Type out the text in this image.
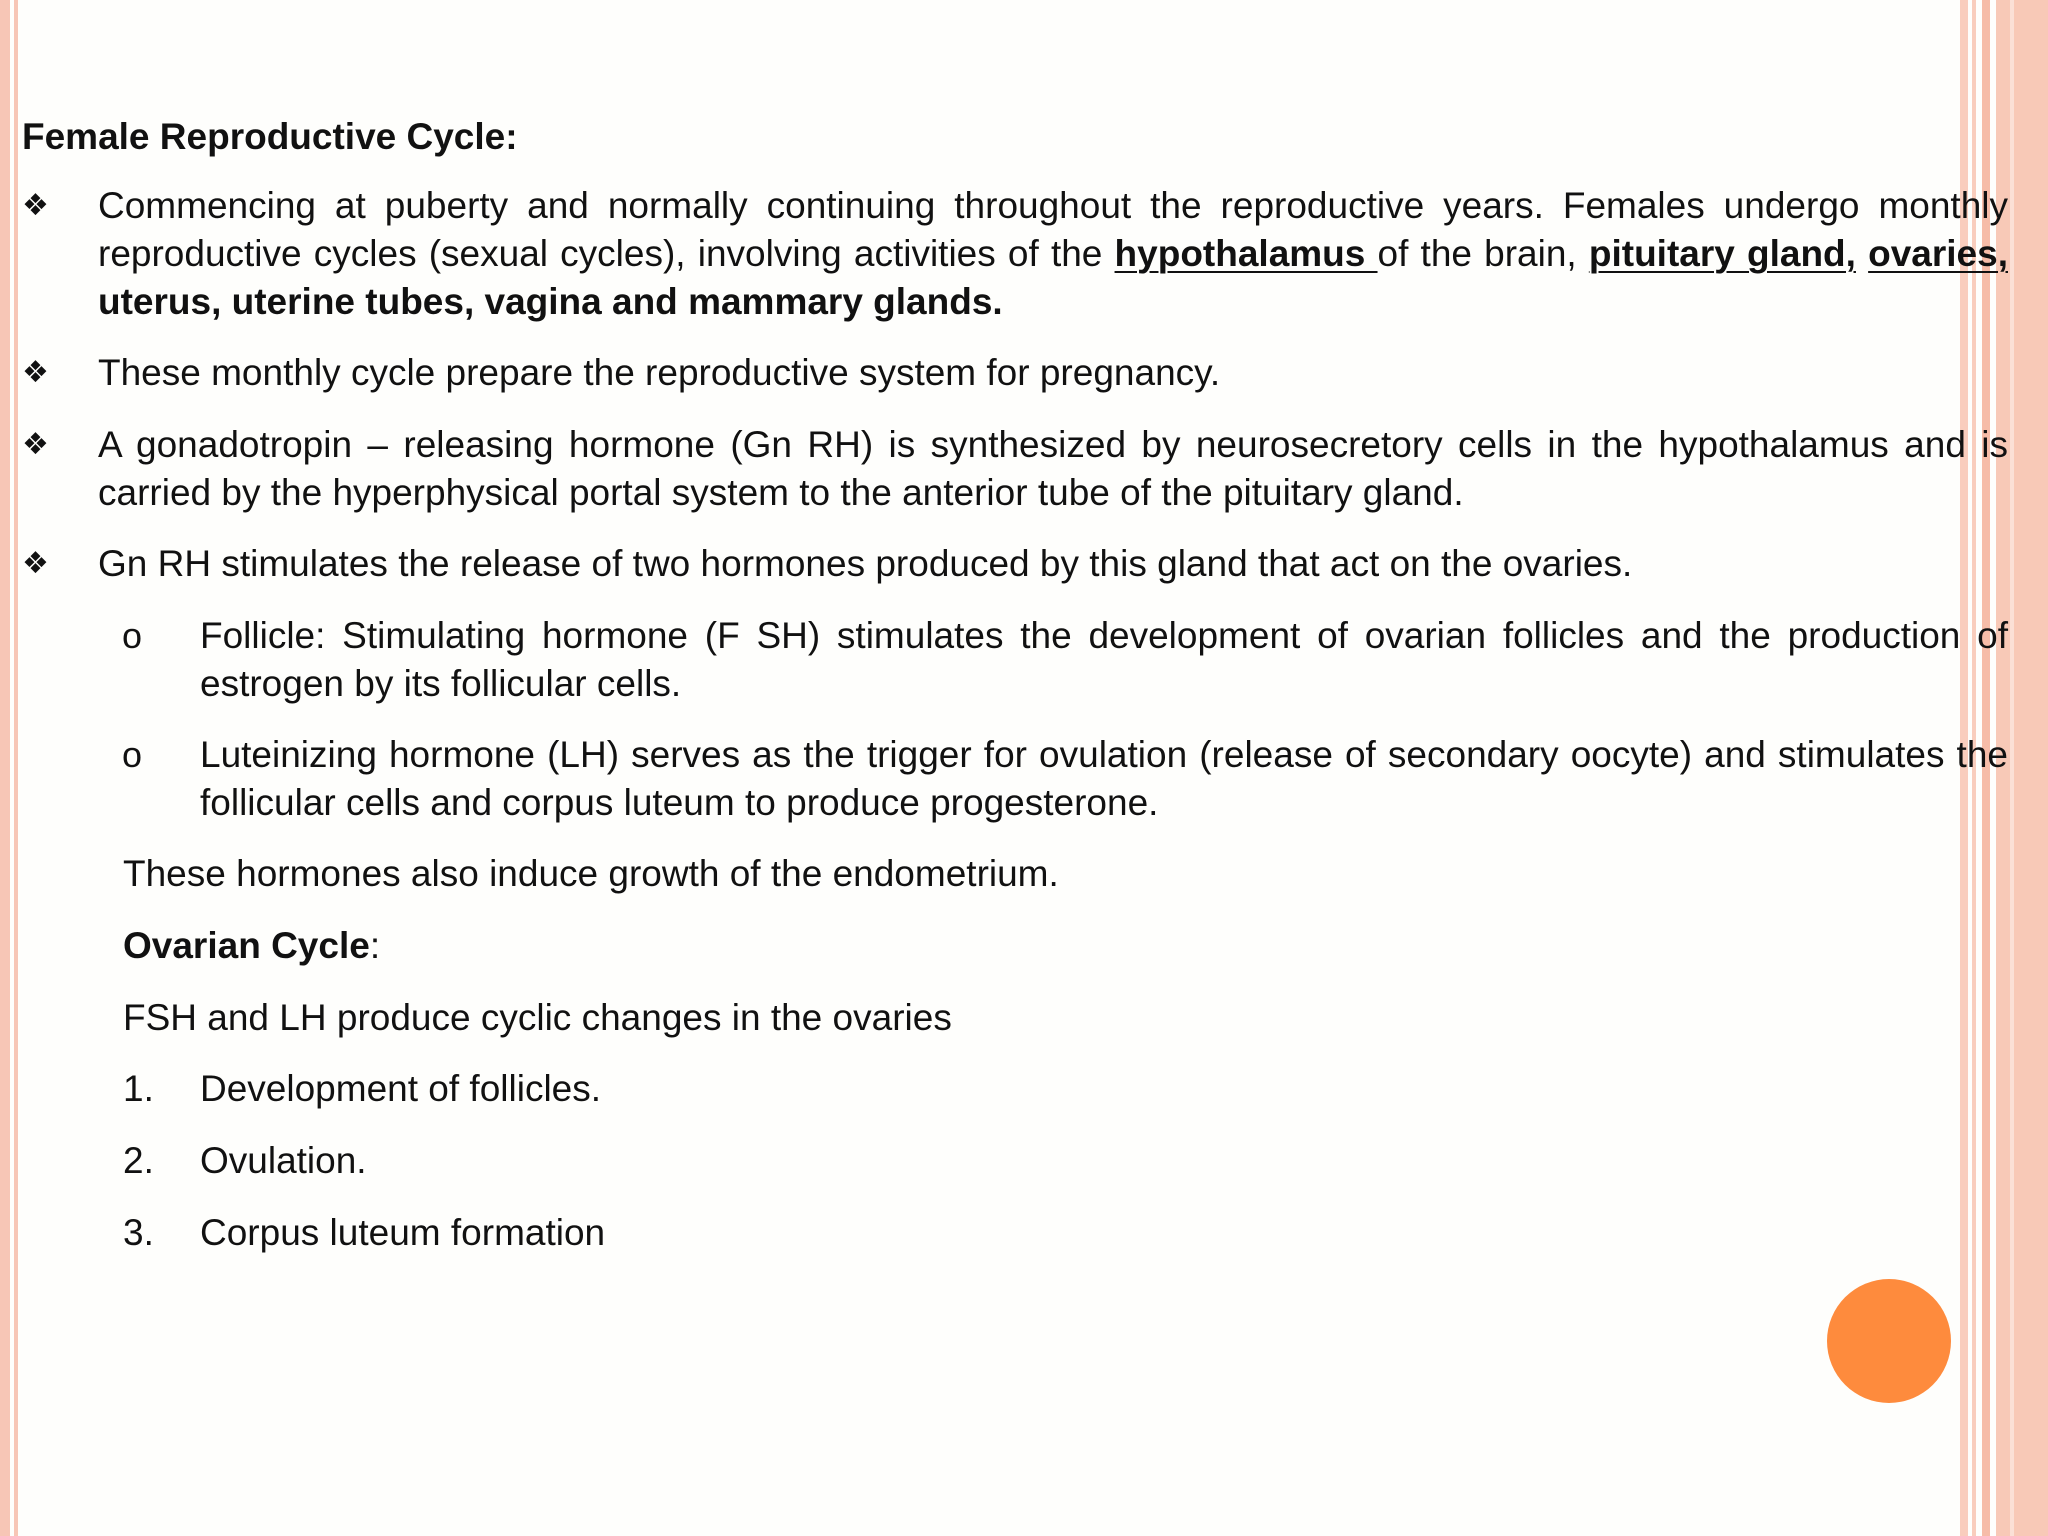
Female Reproductive Cycle:
❖ Commencing at puberty and normally continuing throughout the reproductive years. Females undergo monthly reproductive cycles (sexual cycles), involving activities of the hypothalamus of the brain, pituitary gland, ovaries, uterus, uterine tubes, vagina and mammary glands.
❖ These monthly cycle prepare the reproductive system for pregnancy.
❖ A gonadotropin – releasing hormone (Gn RH) is synthesized by neurosecretory cells in the hypothalamus and is carried by the hyperphysical portal system to the anterior tube of the pituitary gland.
❖ Gn RH stimulates the release of two hormones produced by this gland that act on the ovaries.
o Follicle: Stimulating hormone (F SH) stimulates the development of ovarian follicles and the production of estrogen by its follicular cells.
o Luteinizing hormone (LH) serves as the trigger for ovulation (release of secondary oocyte) and stimulates the follicular cells and corpus luteum to produce progesterone.
These hormones also induce growth of the endometrium.
Ovarian Cycle:
FSH and LH produce cyclic changes in the ovaries
1. Development of follicles.
2. Ovulation.
3. Corpus luteum formation
